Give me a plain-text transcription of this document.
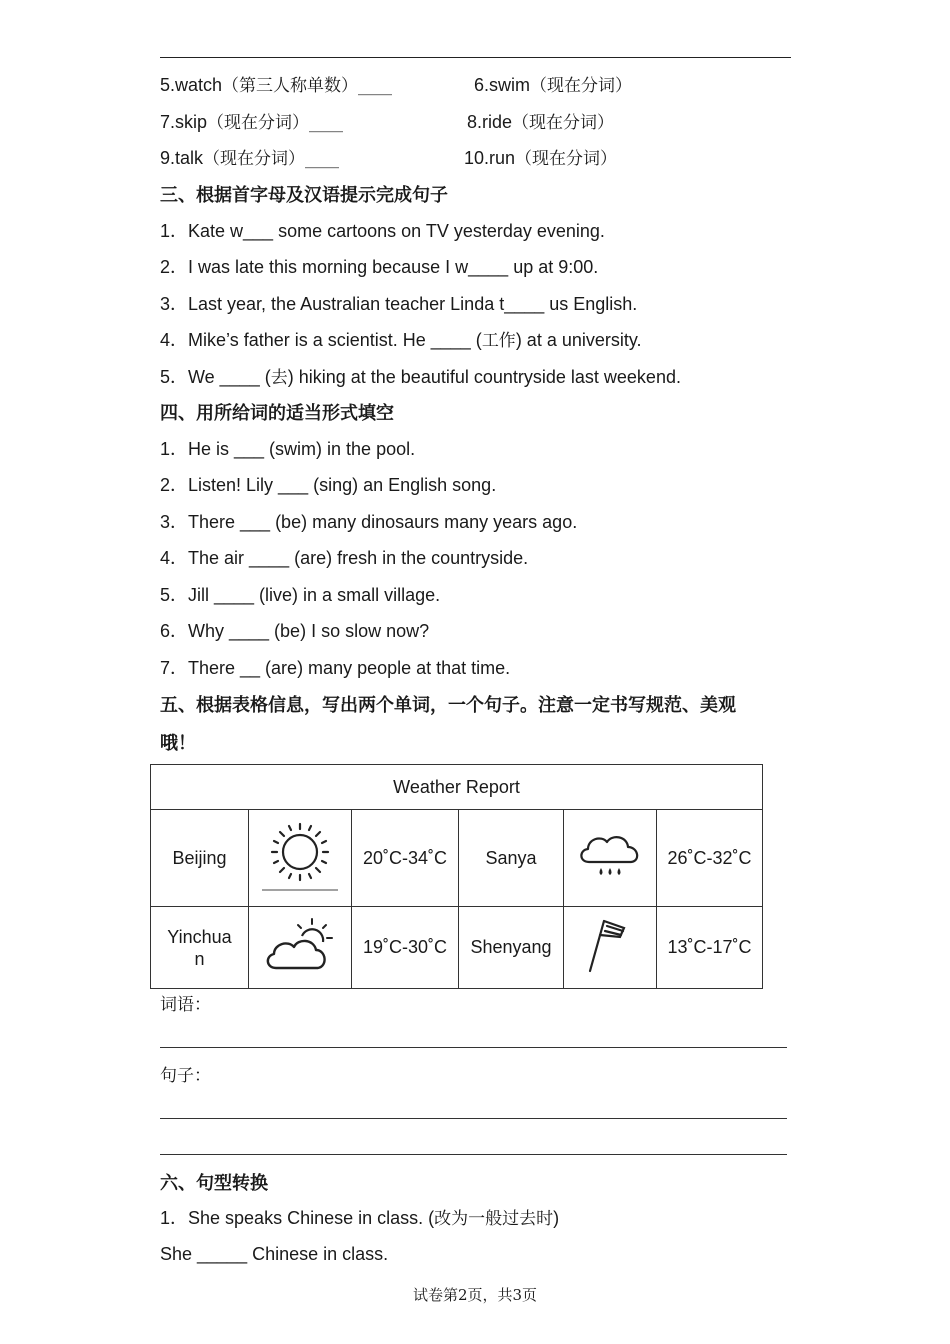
5.watch（第三人称单数）____	6.swim（现在分词）
7.skip（现在分词）____	8.ride（现在分词）
9.talk（现在分词）____	10.run（现在分词）
三、根据首字母及汉语提示完成句子
1．Kate w___ some cartoons on TV yesterday evening.
2．I was late this morning because I w____ up at 9:00.
3．Last year, the Australian teacher Linda t____ us English.
4．Mike’s father is a scientist. He ____ (工作) at a university.
5．We ____ (去) hiking at the beautiful countryside last weekend.
四、用所给词的适当形式填空
1．He is ___ (swim) in the pool.
2．Listen! Lily ___ (sing) an English song.
3．There ___ (be) many dinosaurs many years ago.
4．The air ____ (are) fresh in the countryside.
5．Jill ____ (live) in a small village.
6．Why ____ (be) I so slow now?
7．There __ (are) many people at that time.
五、根据表格信息，写出两个单词，一个句子。注意一定书写规范、美观
哦！
Weather Report					
Beijing		20˚C-34˚C	Sanya		26˚C-32˚C
Yinchuan		19˚C-30˚C	Shenyang		13˚C-17˚C
词语：
句子：
六、句型转换
1．She speaks Chinese in class. (改为一般过去时)
She _____ Chinese in class.
试卷第2页，共3页
